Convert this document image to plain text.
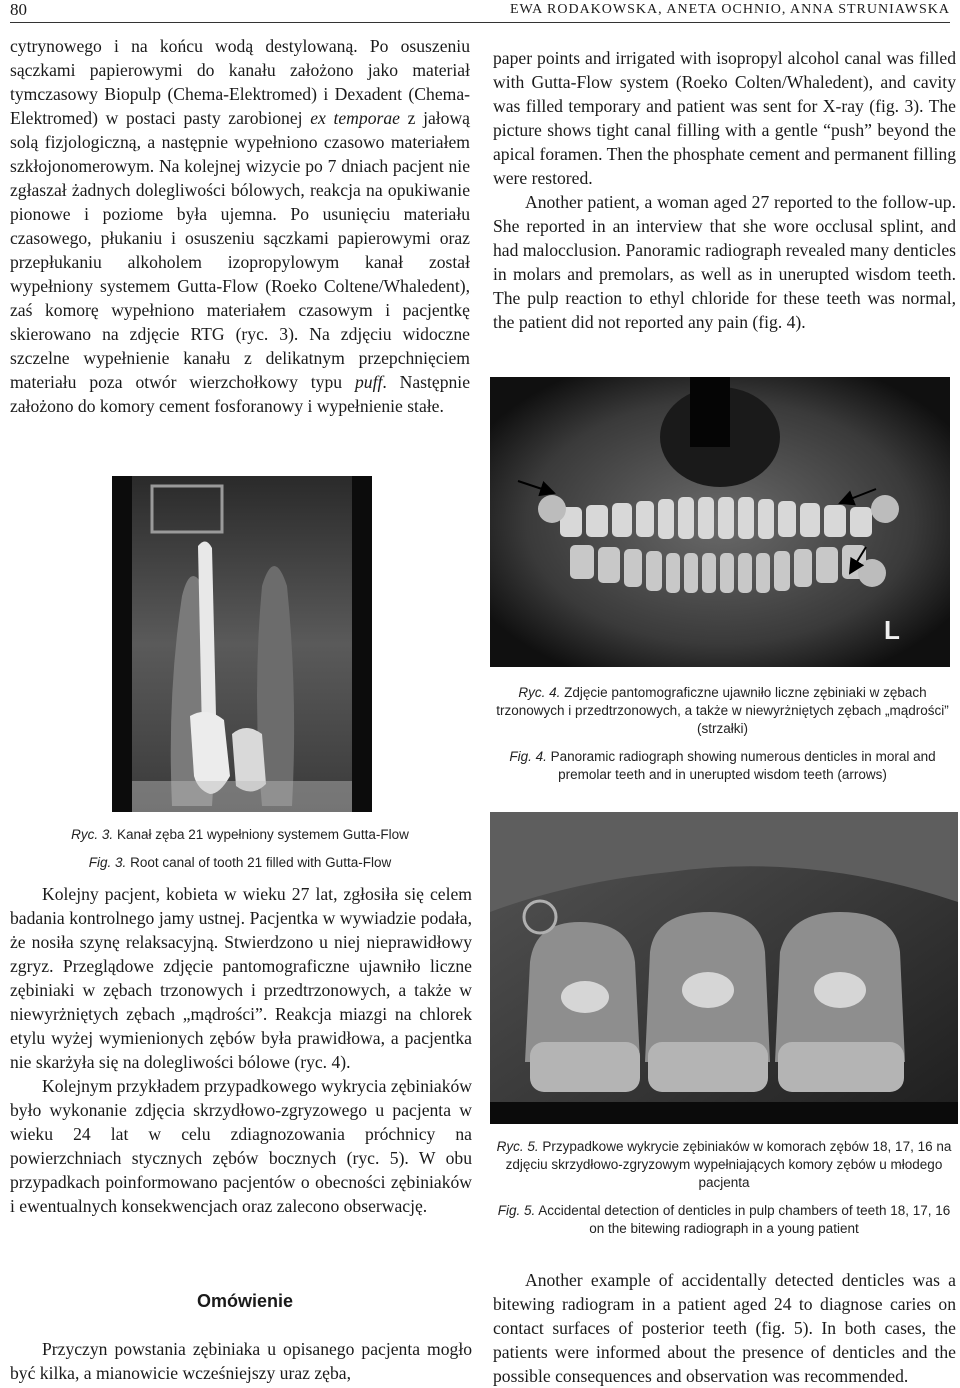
80	EWA RODAKOWSKA, ANETA OCHNIO, ANNA STRUNIAWSKA

cytrynowego i na końcu wodą destylowaną. Po osuszeniu sączkami papierowymi do kanału założono jako materiał tymczasowy Biopulp (Chema-Elektromed) i Dexadent (Chema-Elektromed) w postaci pasty zarobionej ex temporae z jałową solą fizjologiczną, a następnie wypełniono czasowo materiałem szkłojonomerowym. Na kolejnej wizycie po 7 dniach pacjent nie zgłaszał żadnych dolegliwości bólowych, reakcja na opukiwanie pionowe i poziome była ujemna. Po usunięciu materiału czasowego, płukaniu i osuszeniu sączkami papierowymi oraz przepłukaniu alkoholem izopropylowym kanał został wypełniony systemem Gutta-Flow (Roeko Coltene/Whaledent), zaś komorę wypełniono materiałem czasowym i pacjentkę skierowano na zdjęcie RTG (ryc. 3). Na zdjęciu widoczne szczelne wypełnienie kanału z delikatnym przepchnięciem materiału poza otwór wierzchołkowy typu puff. Następnie założono do komory cement fosforanowy i wypełnienie stałe.

paper points and irrigated with isopropyl alcohol canal was filled with Gutta-Flow system (Roeko Colten/Whaledent), and cavity was filled temporary and patient was sent for X-ray (fig. 3). The picture shows tight canal filling with a gentle “push” beyond the apical foramen. Then the phosphate cement and permanent filling were restored.

Another patient, a woman aged 27 reported to the follow-up. She reported in an interview that she wore occlusal splint, and had malocclusion. Panoramic radiograph revealed many denticles in molars and premolars, as well as in unerupted wisdom teeth. The pulp reaction to ethyl chloride for these teeth was normal, the patient did not reported any pain (fig. 4).

Ryc. 3. Kanał zęba 21 wypełniony systemem Gutta-Flow

Fig. 3. Root canal of tooth 21 filled with Gutta-Flow

L

Ryc. 4. Zdjęcie pantomograficzne ujawniło liczne zębiniaki w zębach trzonowych i przedtrzonowych, a także w niewyrżniętych zębach „mądrości” (strzałki)

Fig. 4. Panoramic radiograph showing numerous denticles in moral and premolar teeth and in unerupted wisdom teeth (arrows)

Ryc. 5. Przypadkowe wykrycie zębiniaków w komorach zębów 18, 17, 16 na zdjęciu skrzydłowo-zgryzowym wypełniających komory zębów u młodego pacjenta

Fig. 5. Accidental detection of denticles in pulp chambers of teeth 18, 17, 16 on the bitewing radiograph in a young patient

Kolejny pacjent, kobieta w wieku 27 lat, zgłosiła się celem badania kontrolnego jamy ustnej. Pacjentka w wywiadzie podała, że nosiła szynę relaksacyjną. Stwierdzono u niej nieprawidłowy zgryz. Przeglądowe zdjęcie pantomograficzne ujawniło liczne zębiniaki w zębach trzonowych i przedtrzonowych, a także w niewyrżniętych zębach „mądrości”. Reakcja miazgi na chlorek etylu wyżej wymienionych zębów była prawidłowa, a pacjentka nie skarżyła się na dolegliwości bólowe (ryc. 4).

Kolejnym przykładem przypadkowego wykrycia zębiniaków było wykonanie zdjęcia skrzydłowo-zgryzowego u pacjenta w wieku 24 lat w celu zdiagnozowania próchnicy na powierzchniach stycznych zębów bocznych (ryc. 5). W obu przypadkach poinformowano pacjentów o obecności zębiniaków i ewentualnych konsekwencjach oraz zalecono obserwację.

Omówienie

Przyczyn powstania zębiniaka u opisanego pacjenta mogło być kilka, a mianowicie wcześniejszy uraz zęba,

Another example of accidentally detected denticles was a bitewing radiogram in a patient aged 24 to diagnose caries on contact surfaces of posterior teeth (fig. 5). In both cases, the patients were informed about the presence of denticles and the possible consequences and observation was recommended.
